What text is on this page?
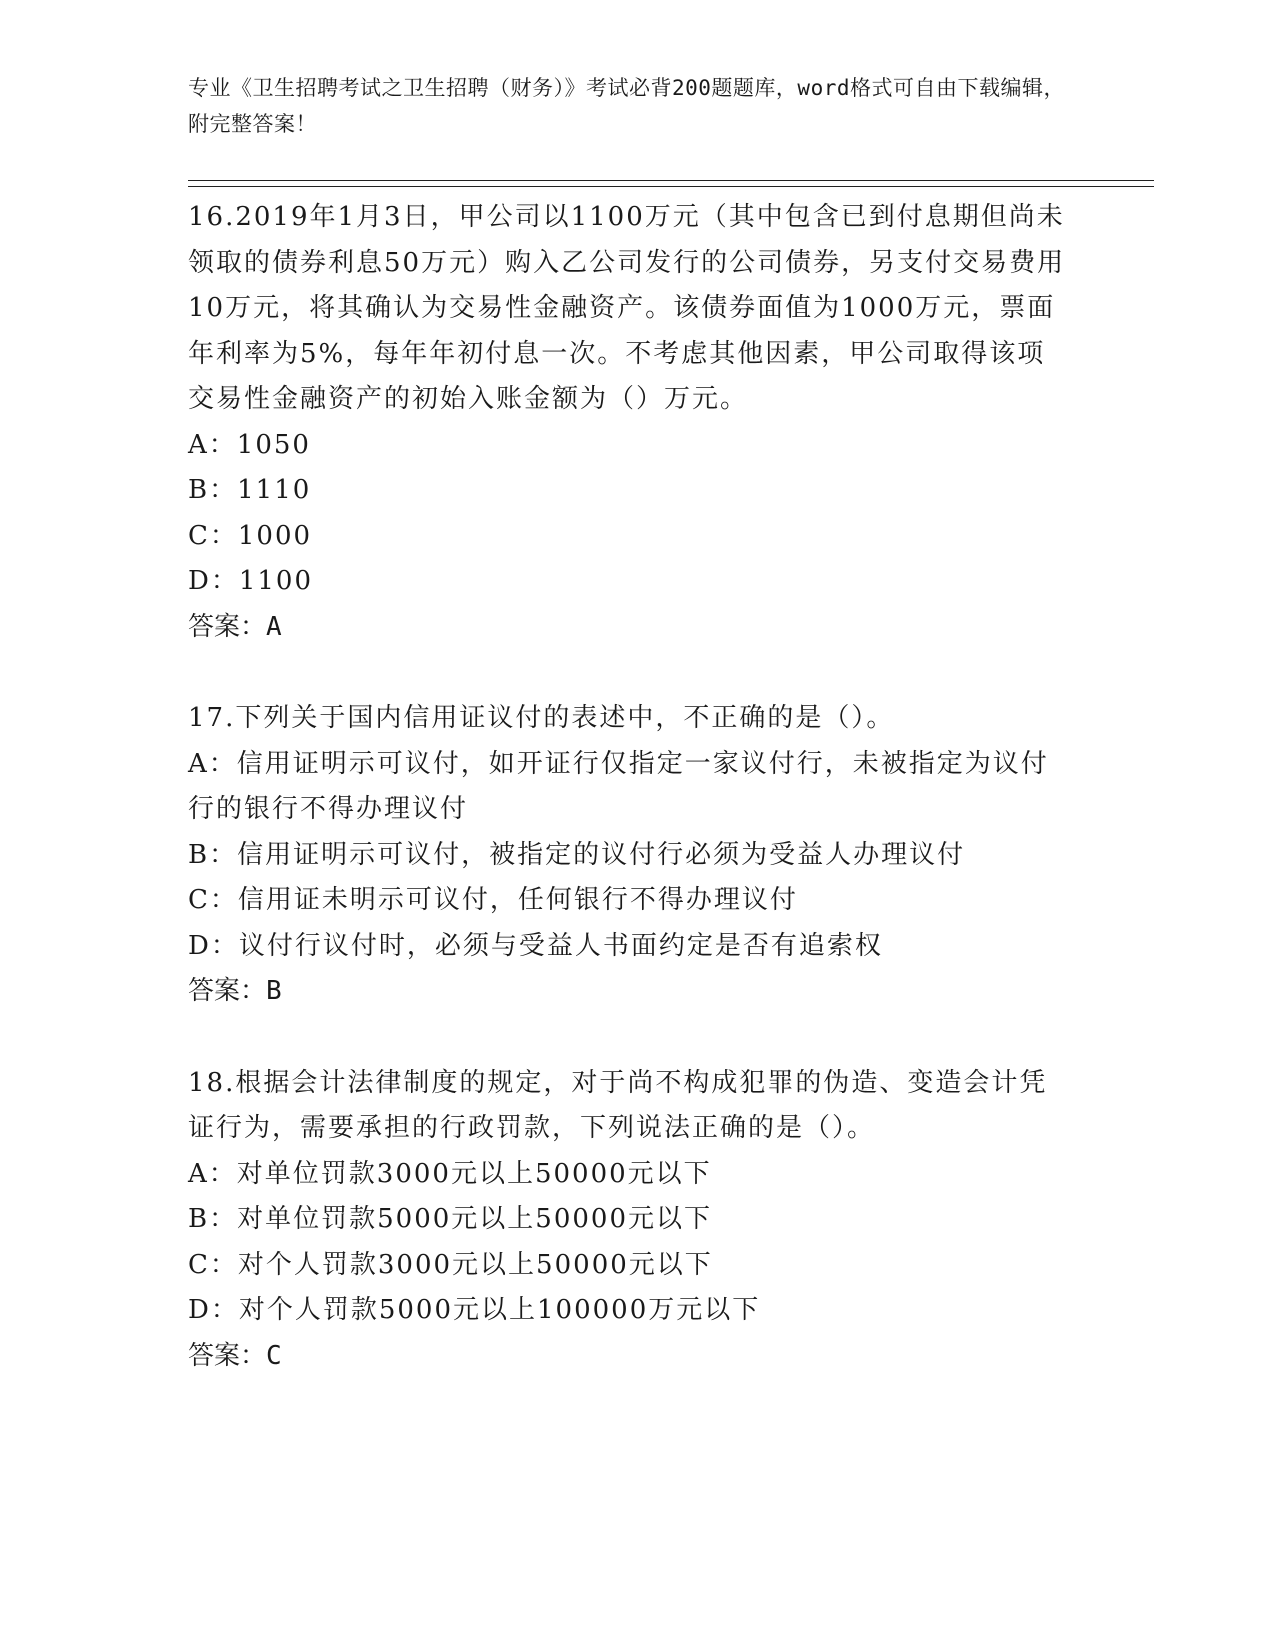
专业《卫生招聘考试之卫生招聘（财务）》考试必背200题题库，word格式可自由下载编辑，附完整答案！
16.2019年1月3日，甲公司以1100万元（其中包含已到付息期但尚未领取的债券利息50万元）购入乙公司发行的公司债券，另支付交易费用10万元，将其确认为交易性金融资产。该债券面值为1000万元，票面年利率为5%，每年年初付息一次。不考虑其他因素，甲公司取得该项交易性金融资产的初始入账金额为（）万元。
A：1050
B：1110
C：1000
D：1100
答案：A
17.下列关于国内信用证议付的表述中，不正确的是（）。
A：信用证明示可议付，如开证行仅指定一家议付行，未被指定为议付行的银行不得办理议付
B：信用证明示可议付，被指定的议付行必须为受益人办理议付
C：信用证未明示可议付，任何银行不得办理议付
D：议付行议付时，必须与受益人书面约定是否有追索权
答案：B
18.根据会计法律制度的规定，对于尚不构成犯罪的伪造、变造会计凭证行为，需要承担的行政罚款，下列说法正确的是（）。
A：对单位罚款3000元以上50000元以下
B：对单位罚款5000元以上50000元以下
C：对个人罚款3000元以上50000元以下
D：对个人罚款5000元以上100000万元以下
答案：C
